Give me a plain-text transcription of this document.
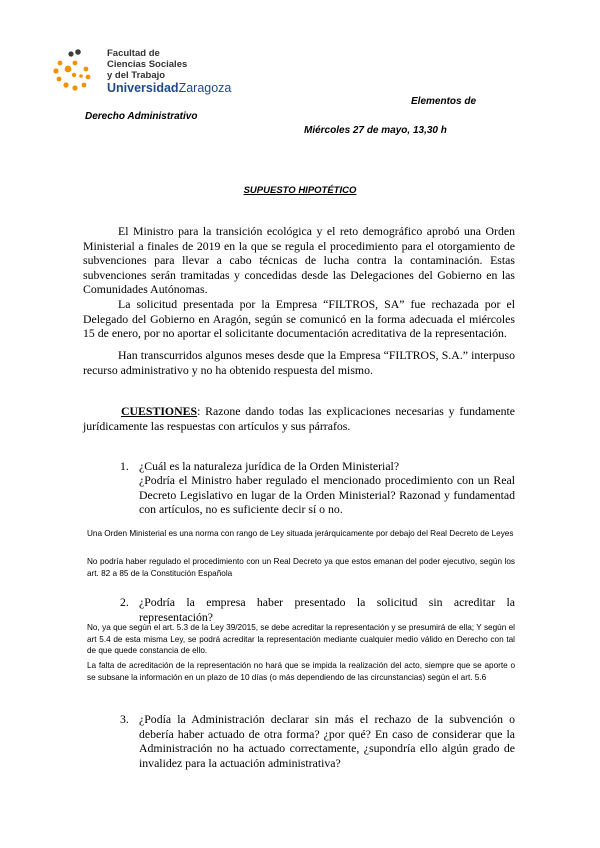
Facultad de
Ciencias Sociales
y del Trabajo
UniversidadZaragoza
Elementos de
Derecho Administrativo
Miércoles 27 de mayo, 13,30 h
SUPUESTO HIPOTÉTICO

El Ministro para la transición ecológica y el reto demográfico aprobó una Orden Ministerial a finales de 2019 en la que se regula el procedimiento para el otorgamiento de subvenciones para llevar a cabo técnicas de lucha contra la contaminación. Estas subvenciones serán tramitadas y concedidas desde las Delegaciones del Gobierno en las Comunidades Autónomas.

La solicitud presentada por la Empresa “FILTROS, SA” fue rechazada por el Delegado del Gobierno en Aragón, según se comunicó en la forma adecuada el miércoles 15 de enero, por no aportar el solicitante documentación acreditativa de la representación.

Han transcurridos algunos meses desde que la Empresa “FILTROS, S.A.” interpuso recurso administrativo y no ha obtenido respuesta del mismo.

CUESTIONES: Razone dando todas las explicaciones necesarias y fundamente jurídicamente las respuestas con artículos y sus párrafos.

1. ¿Cuál es la naturaleza jurídica de la Orden Ministerial?

¿Podría el Ministro haber regulado el mencionado procedimiento con un Real Decreto Legislativo en lugar de la Orden Ministerial? Razonad y fundamentad con artículos, no es suficiente decir sí o no.

Una Orden Ministerial es una norma con rango de Ley situada jerárquicamente por debajo del Real Decreto de Leyes

No podría haber regulado el procedimiento con un Real Decreto ya que estos emanan del poder ejecutivo, según los art. 82 a 85 de la Constitución Española

2. ¿Podría la empresa haber presentado la solicitud sin acreditar la representación?

No, ya que según el art. 5.3 de la Ley 39/2015, se debe acreditar la representación y se presumirá de ella; Y según el art 5.4 de esta misma Ley, se podrá acreditar la representación mediante cualquier medio válido en Derecho con tal de que quede constancia de ello.

La falta de acreditación de la representación no hará que se impida la realización del acto, siempre que se aporte o se subsane la información en un plazo de 10 días (o más dependiendo de las circunstancias) según el art. 5.6

3. ¿Podía la Administración declarar sin más el rechazo de la subvención o debería haber actuado de otra forma? ¿por qué? En caso de considerar que la Administración no ha actuado correctamente, ¿supondría ello algún grado de invalidez para la actuación administrativa?
